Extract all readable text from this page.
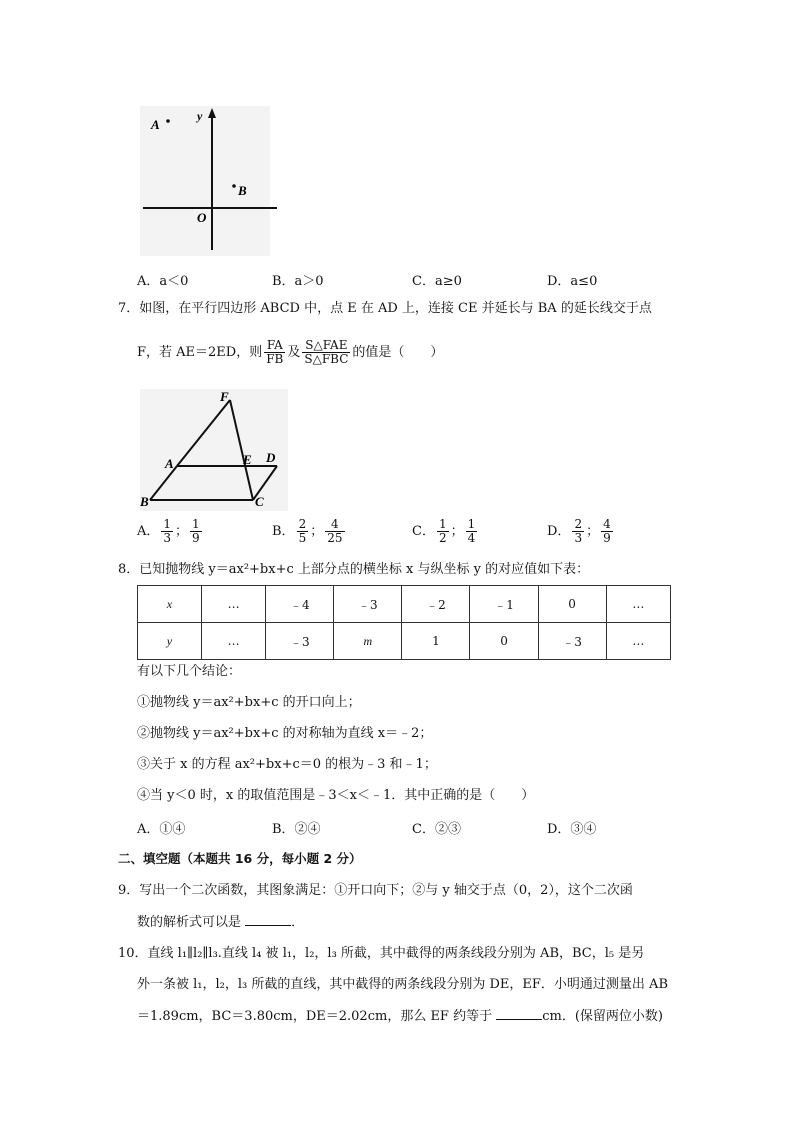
y
A
B
O
A．a＜0	B．a＞0	C．a≥0	D．a≤0
7．如图，在平行四边形 ABCD 中，点 E 在 AD 上，连接 CE 并延长与 BA 的延长线交于点
F，若 AE＝2ED，则 $\frac{FA}{FB}$ 及 $\frac{\text{S△FAE}}{\text{S△FBC}}$ 的值是（　　）
F
A	E D
B	C
A． $\frac{1}{3}$ ； $\frac{1}{9}$	B． $\frac{2}{5}$ ； $\frac{4}{25}$	C． $\frac{1}{2}$ ； $\frac{1}{4}$	D． $\frac{2}{3}$ ； $\frac{4}{9}$
8．已知抛物线 y＝ax²+bx+c 上部分点的横坐标 x 与纵坐标 y 的对应值如下表：
x	…	﹣4	﹣3	﹣2	﹣1	0	…
y	…	﹣3	m	1	0	﹣3	…
有以下几个结论：
①抛物线 y＝ax²+bx+c 的开口向上；
②抛物线 y＝ax²+bx+c 的对称轴为直线 x＝﹣2；
③关于 x 的方程 ax²+bx+c＝0 的根为﹣3 和﹣1；
④当 y＜0 时，x 的取值范围是﹣3＜x＜﹣1．其中正确的是（　　）
A．①④	B．②④	C．②③	D．③④
二、填空题（本题共 16 分，每小题 2 分）
9．写出一个二次函数，其图象满足：①开口向下；②与 y 轴交于点（0，2），这个二次函
数的解析式可以是	．
10．直线 l₁∥l₂∥l₃.直线 l₄ 被 l₁，l₂，l₃ 所截，其中截得的两条线段分别为 AB，BC，l₅ 是另
外一条被 l₁，l₂，l₃ 所截的直线，其中截得的两条线段分别为 DE，EF．小明通过测量出 AB
＝1.89cm，BC＝3.80cm，DE＝2.02cm，那么 EF 约等于	cm．(保留两位小数)
